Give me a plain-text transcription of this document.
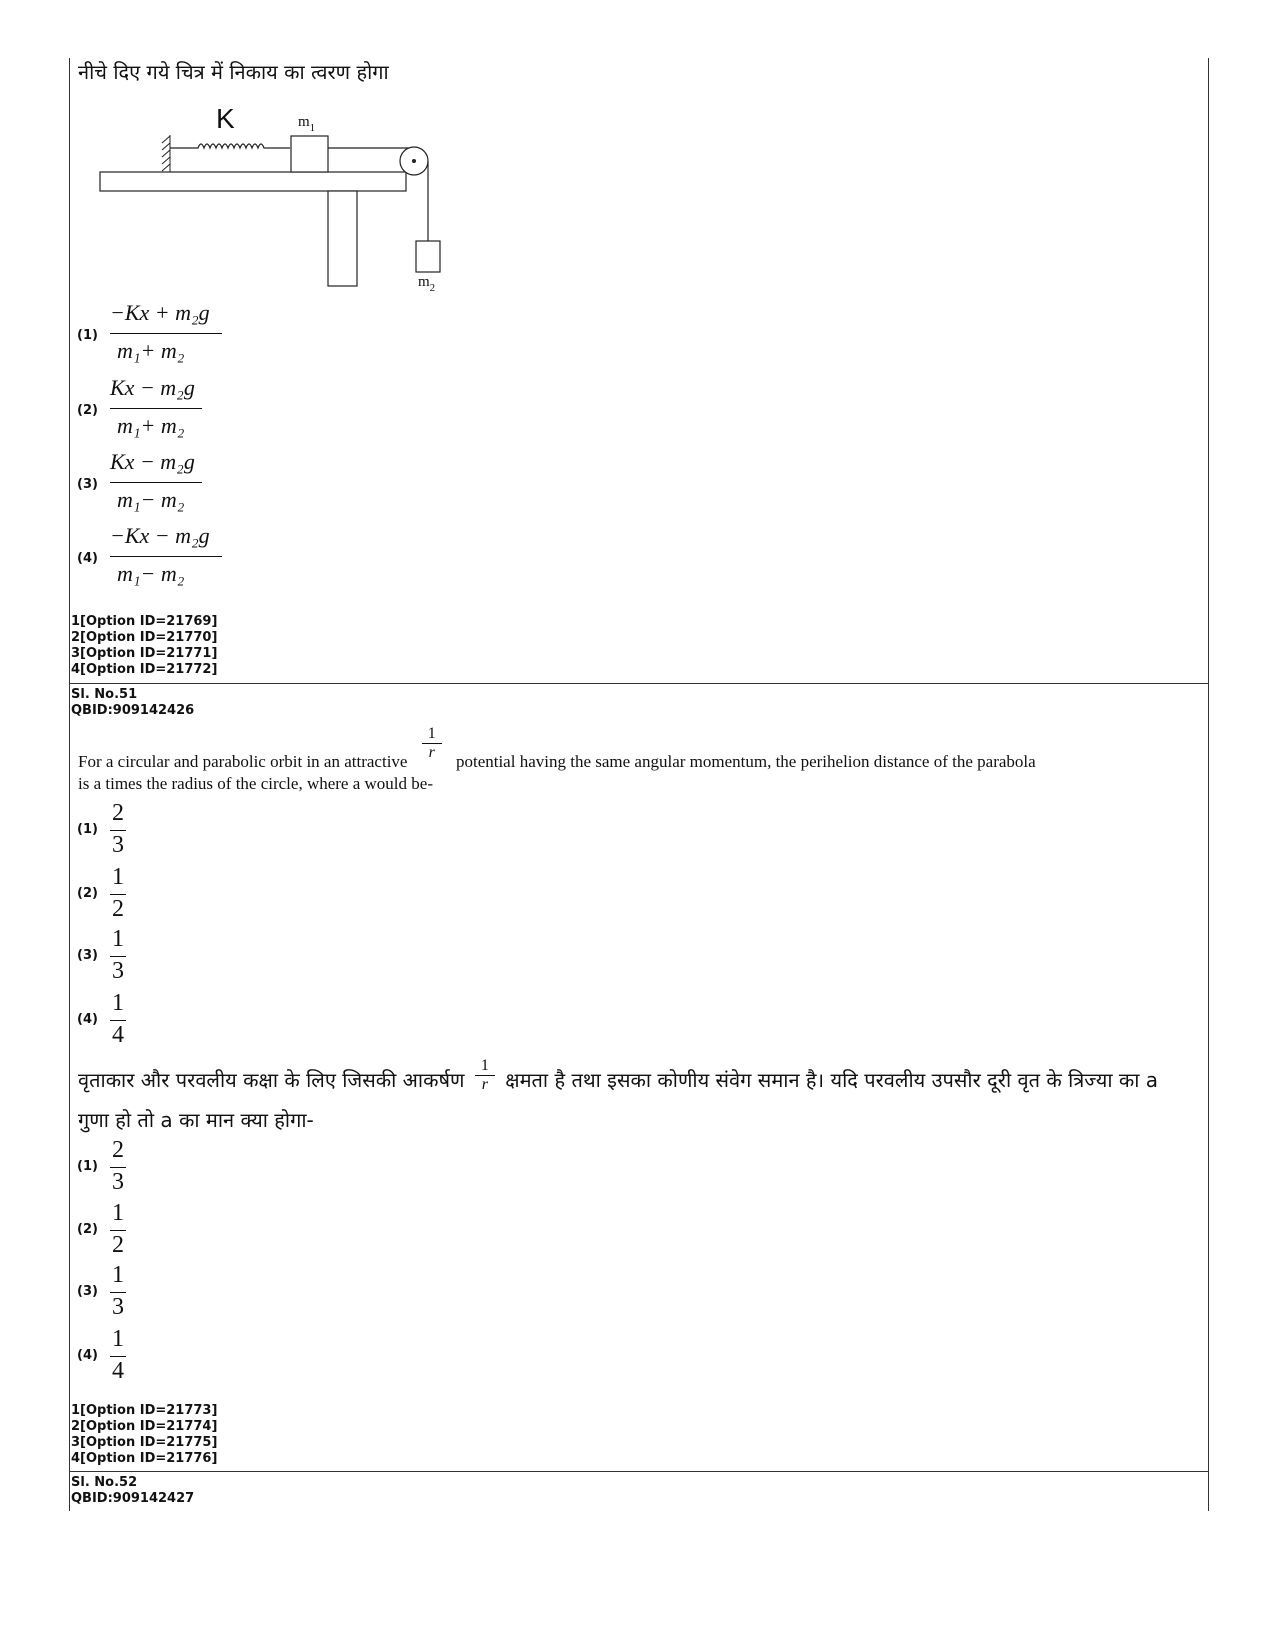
नीचे दिए गये चित्र में निकाय का त्वरण होगा
K	$m_1$
$m_2$
(1)
−Kx + m₂g
m₁+ m₂
(2)
Kx − m₂g
m₁+ m₂
(3)
Kx − m₂g
m₁− m₂
(4)
−Kx − m₂g
m₁− m₂
1[Option ID=21769]
2[Option ID=21770]
3[Option ID=21771]
4[Option ID=21772]
Sl. No.51
QBID:909142426
For a circular and parabolic orbit in an attractive $\frac{1}{r}$ potential having the same angular momentum, the perihelion distance of the parabola
is a times the radius of the circle, where a would be-
(1)
2
3
(2)
1
2
(3)
1
3
(4)
1
4
वृताकार और परवलीय कक्षा के लिए जिसकी आकर्षण $\frac{1}{r}$ क्षमता है तथा इसका कोणीय संवेग समान है। यदि परवलीय उपसौर दूरी वृत के त्रिज्या का a
गुणा हो तो a का मान क्या होगा-
(1)
2
3
(2)
1
2
(3)
1
3
(4)
1
4
1[Option ID=21773]
2[Option ID=21774]
3[Option ID=21775]
4[Option ID=21776]
Sl. No.52
QBID:909142427
